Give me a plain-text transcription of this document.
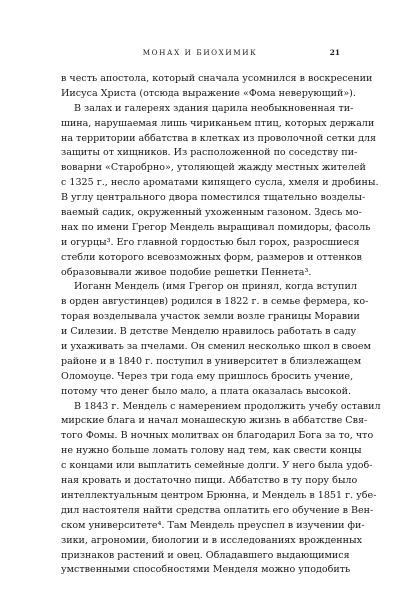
МОНАХ И БИОХИМИК	21
в честь апостола, который сначала усомнился в воскресении
Иисуса Христа (отсюда выражение «Фома неверующий»).
В залах и галереях здания царила необыкновенная ти-
шина, нарушаемая лишь чириканьем птиц, которых держали
на территории аббатства в клетках из проволочной сетки для
защиты от хищников. Из расположенной по соседству пи-
воварни «Старобрно», утоляющей жажду местных жителей
с 1325 г., несло ароматами кипящего сусла, хмеля и дробины.
В углу центрального двора поместился тщательно возделы-
ваемый садик, окруженный ухоженным газоном. Здесь мо-
нах по имени Грегор Мендель выращивал помидоры, фасоль
и огурцы³. Его главной гордостью был горох, разросшиеся
стебли которого всевозможных форм, размеров и оттенков
образовывали живое подобие решетки Пеннета³.
Иоганн Мендель (имя Грегор он принял, когда вступил
в орден августинцев) родился в 1822 г. в семье фермера, ко-
торая возделывала участок земли возле границы Моравии
и Силезии. В детстве Менделю нравилось работать в саду
и ухаживать за пчелами. Он сменил несколько школ в своем
районе и в 1840 г. поступил в университет в близлежащем
Оломоуце. Через три года ему пришлось бросить учение,
потому что денег было мало, а плата оказалась высокой.
В 1843 г. Мендель с намерением продолжить учебу оставил
мирские блага и начал монашескую жизнь в аббатстве Свя-
того Фомы. В ночных молитвах он благодарил Бога за то, что
не нужно больше ломать голову над тем, как свести концы
с концами или выплатить семейные долги. У него была удоб-
ная кровать и достаточно пищи. Аббатство в ту пору было
интеллектуальным центром Брюнна, и Мендель в 1851 г. убе-
дил настоятеля найти средства оплатить его обучение в Вен-
ском университете⁴. Там Мендель преуспел в изучении фи-
зики, агрономии, биологии и в исследованиях врожденных
признаков растений и овец. Обладавшего выдающимися
умственными способностями Менделя можно уподобить
